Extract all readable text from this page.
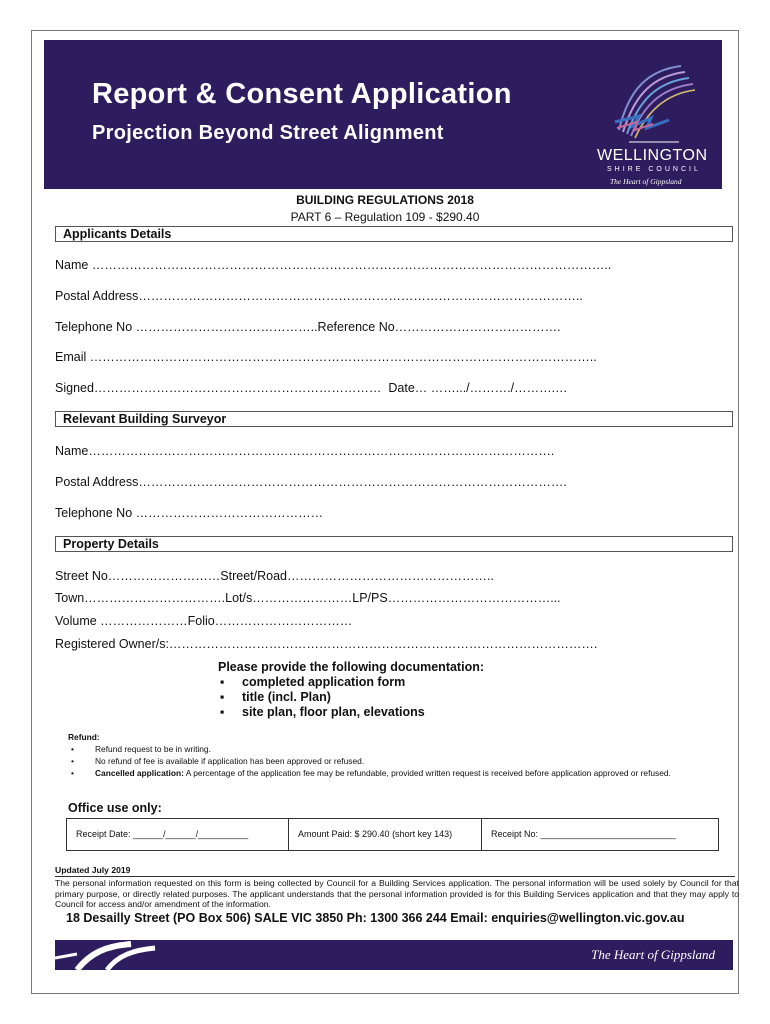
Report & Consent Application
Projection Beyond Street Alignment
WELLINGTON
SHIRE COUNCIL
The Heart of Gippsland
BUILDING REGULATIONS 2018
PART 6 – Regulation 109 - $290.40
Applicants Details
Name ……………………………………………………………………………………………………………..
Postal Address……………………………………………………………………………………………..
Telephone No ……………………………………..Reference No………………………………….
Email …………………………………………………………………………………………………………..
Signed……………………………………………………………  Date… …….../………./……….…
Relevant Building Surveyor
Name………………………………………………………………………………………………….
Postal Address………………………………………………………………………………………….
Telephone No ………………………………………
Property Details
Street No………………………Street/Road…………………………………………..
Town…………………………….Lot/s……………………LP/PS…………………………………...
Volume …………………Folio……………………………
Registered Owner/s:………………………………………………………………………………………….
Please provide the following documentation:
▪ completed application form
▪ title (incl. Plan)
▪ site plan, floor plan, elevations
Refund:
•	Refund request to be in writing.
•	No refund of fee is available if application has been approved or refused.
•	Cancelled application: A percentage of the application fee may be refundable, provided written request is received before application approved or refused.
Office use only:
Receipt Date: ______/______/__________	Amount Paid: $ 290.40 (short key 143)	Receipt No: ___________________________
Updated July 2019
The personal information requested on this form is being collected by Council for a Building Services application. The personal information will be used solely by Council for that primary purpose, or directly related purposes. The applicant understands that the personal information provided is for this Building Services application and that they may apply to Council for access and/or amendment of the information.
18 Desailly Street (PO Box 506) SALE VIC 3850 Ph: 1300 366 244 Email: enquiries@wellington.vic.gov.au
The Heart of Gippsland
